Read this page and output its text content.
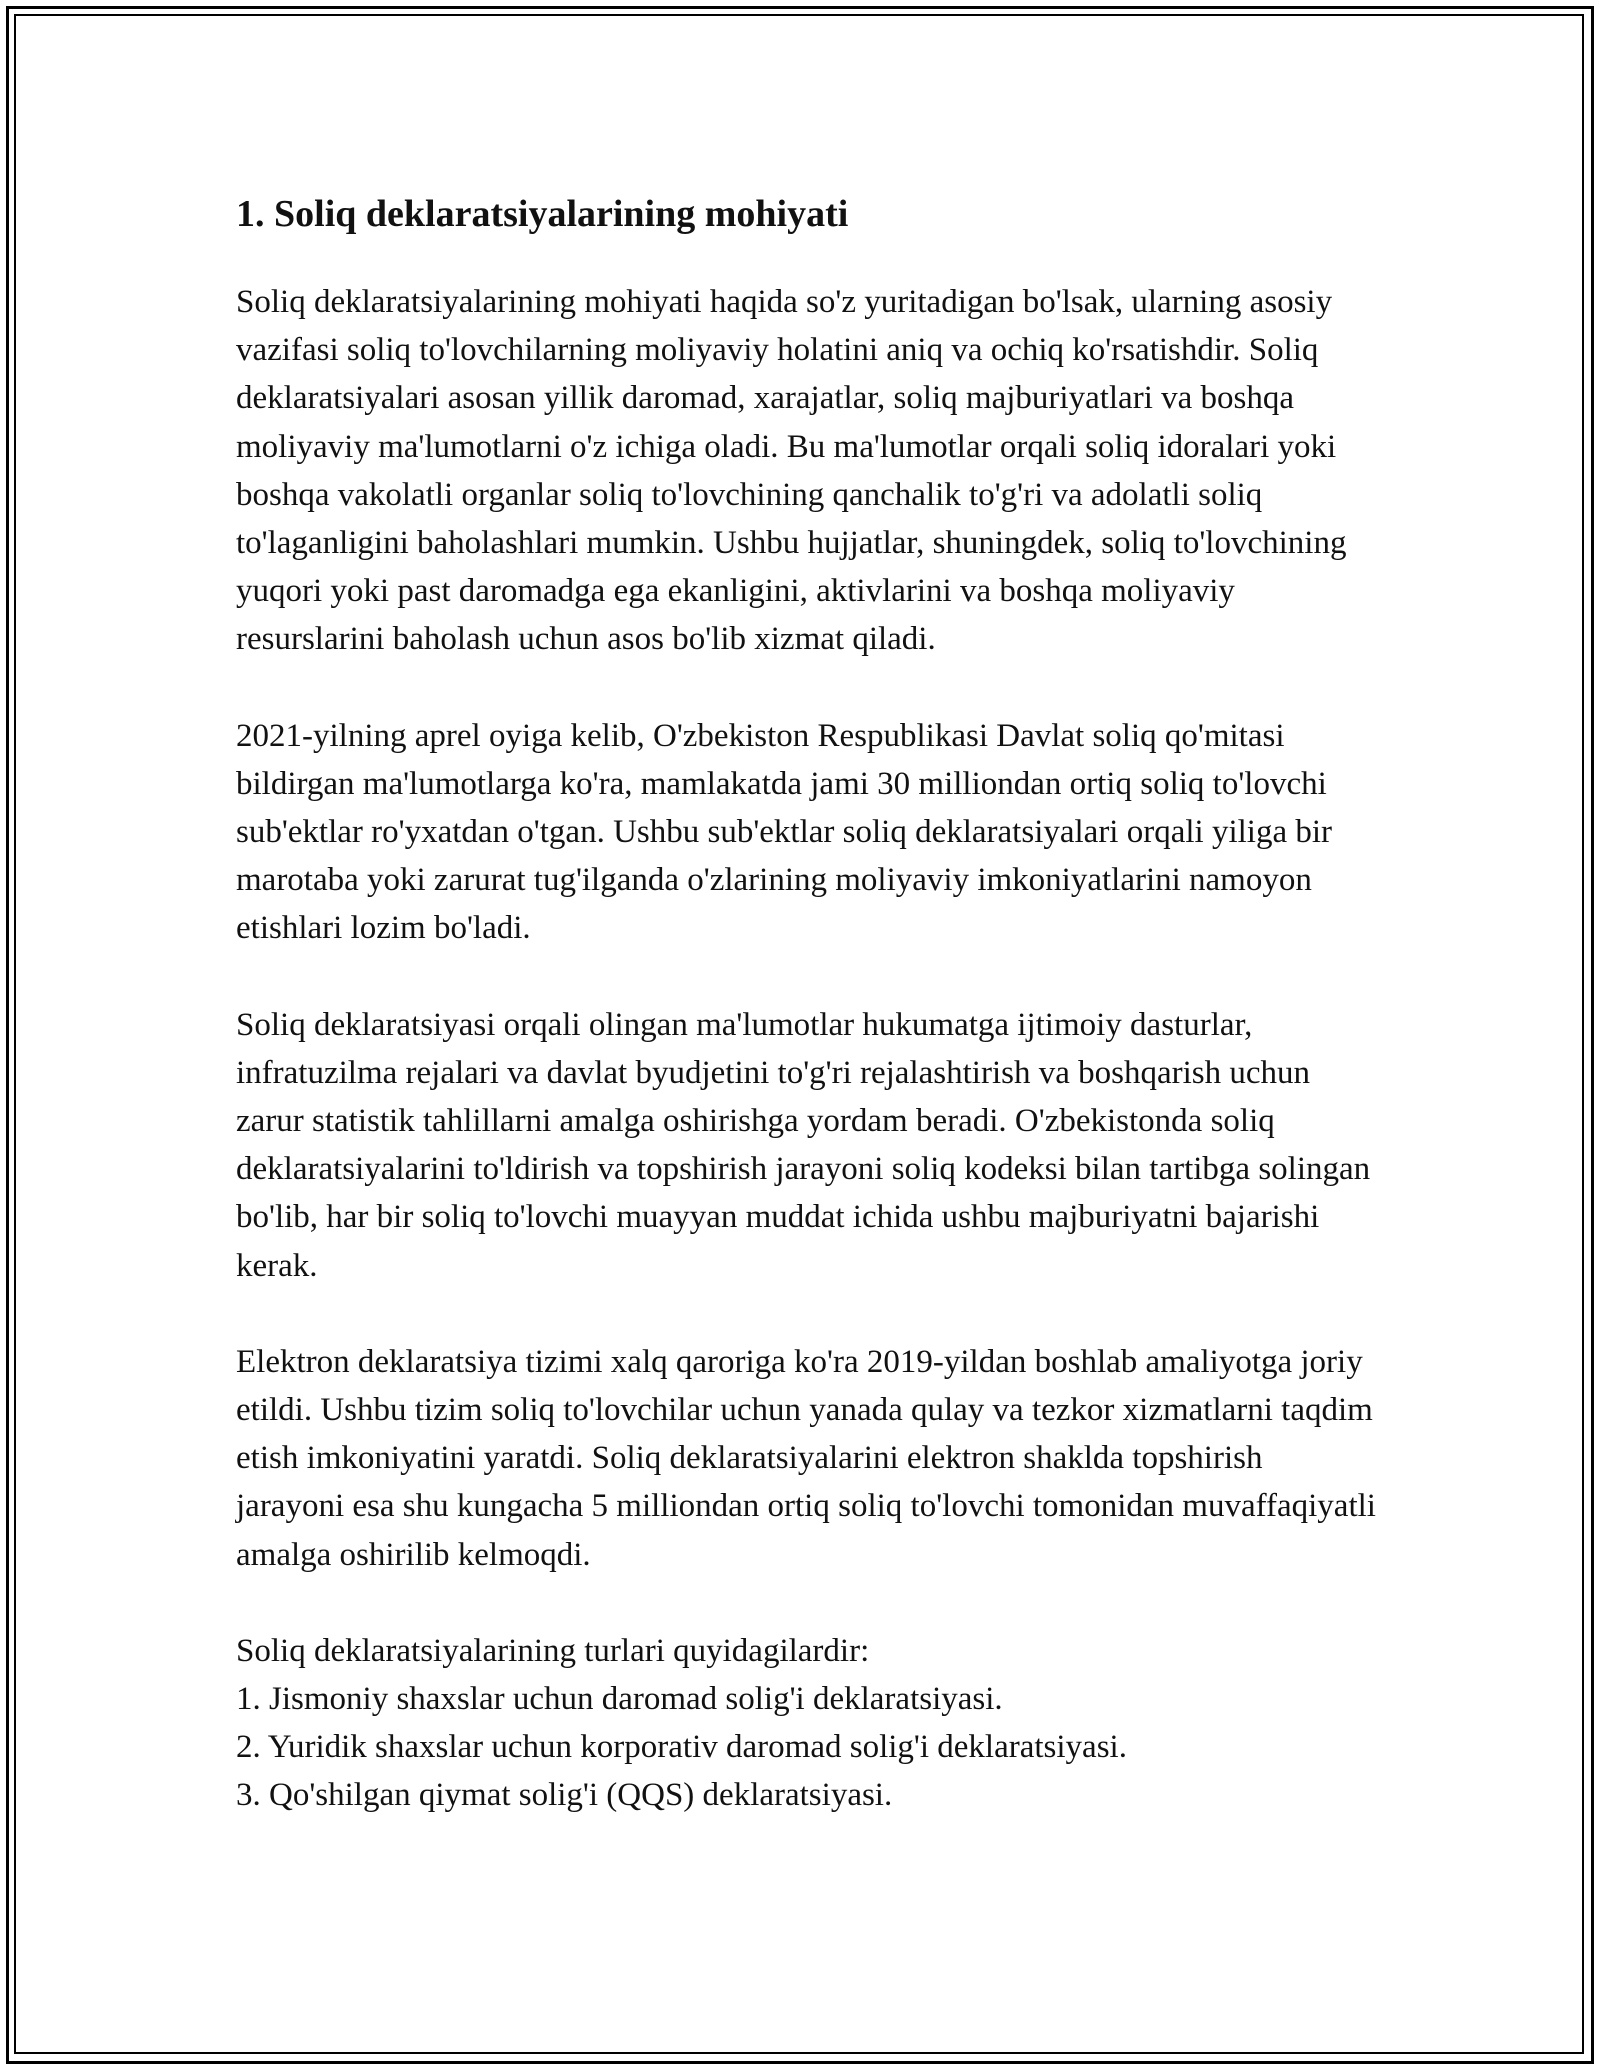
1. Soliq deklaratsiyalarining mohiyati

Soliq deklaratsiyalarining mohiyati haqida so'z yuritadigan bo'lsak, ularning asosiy vazifasi soliq to'lovchilarning moliyaviy holatini aniq va ochiq ko'rsatishdir. Soliq deklaratsiyalari asosan yillik daromad, xarajatlar, soliq majburiyatlari va boshqa moliyaviy ma'lumotlarni o'z ichiga oladi. Bu ma'lumotlar orqali soliq idoralari yoki boshqa vakolatli organlar soliq to'lovchining qanchalik to'g'ri va adolatli soliq to'laganligini baholashlari mumkin. Ushbu hujjatlar, shuningdek, soliq to'lovchining yuqori yoki past daromadga ega ekanligini, aktivlarini va boshqa moliyaviy resurslarini baholash uchun asos bo'lib xizmat qiladi.

2021-yilning aprel oyiga kelib, O'zbekiston Respublikasi Davlat soliq qo'mitasi bildirgan ma'lumotlarga ko'ra, mamlakatda jami 30 milliondan ortiq soliq to'lovchi sub'ektlar ro'yxatdan o'tgan. Ushbu sub'ektlar soliq deklaratsiyalari orqali yiliga bir marotaba yoki zarurat tug'ilganda o'zlarining moliyaviy imkoniyatlarini namoyon etishlari lozim bo'ladi.

Soliq deklaratsiyasi orqali olingan ma'lumotlar hukumatga ijtimoiy dasturlar, infratuzilma rejalari va davlat byudjetini to'g'ri rejalashtirish va boshqarish uchun zarur statistik tahlillarni amalga oshirishga yordam beradi. O'zbekistonda soliq deklaratsiyalarini to'ldirish va topshirish jarayoni soliq kodeksi bilan tartibga solingan bo'lib, har bir soliq to'lovchi muayyan muddat ichida ushbu majburiyatni bajarishi kerak.

Elektron deklaratsiya tizimi xalq qaroriga ko'ra 2019-yildan boshlab amaliyotga joriy etildi. Ushbu tizim soliq to'lovchilar uchun yanada qulay va tezkor xizmatlarni taqdim etish imkoniyatini yaratdi. Soliq deklaratsiyalarini elektron shaklda topshirish jarayoni esa shu kungacha 5 milliondan ortiq soliq to'lovchi tomonidan muvaffaqiyatli amalga oshirilib kelmoqdi.

Soliq deklaratsiyalarining turlari quyidagilardir:
1. Jismoniy shaxslar uchun daromad solig'i deklaratsiyasi.
2. Yuridik shaxslar uchun korporativ daromad solig'i deklaratsiyasi.
3. Qo'shilgan qiymat solig'i (QQS) deklaratsiyasi.
